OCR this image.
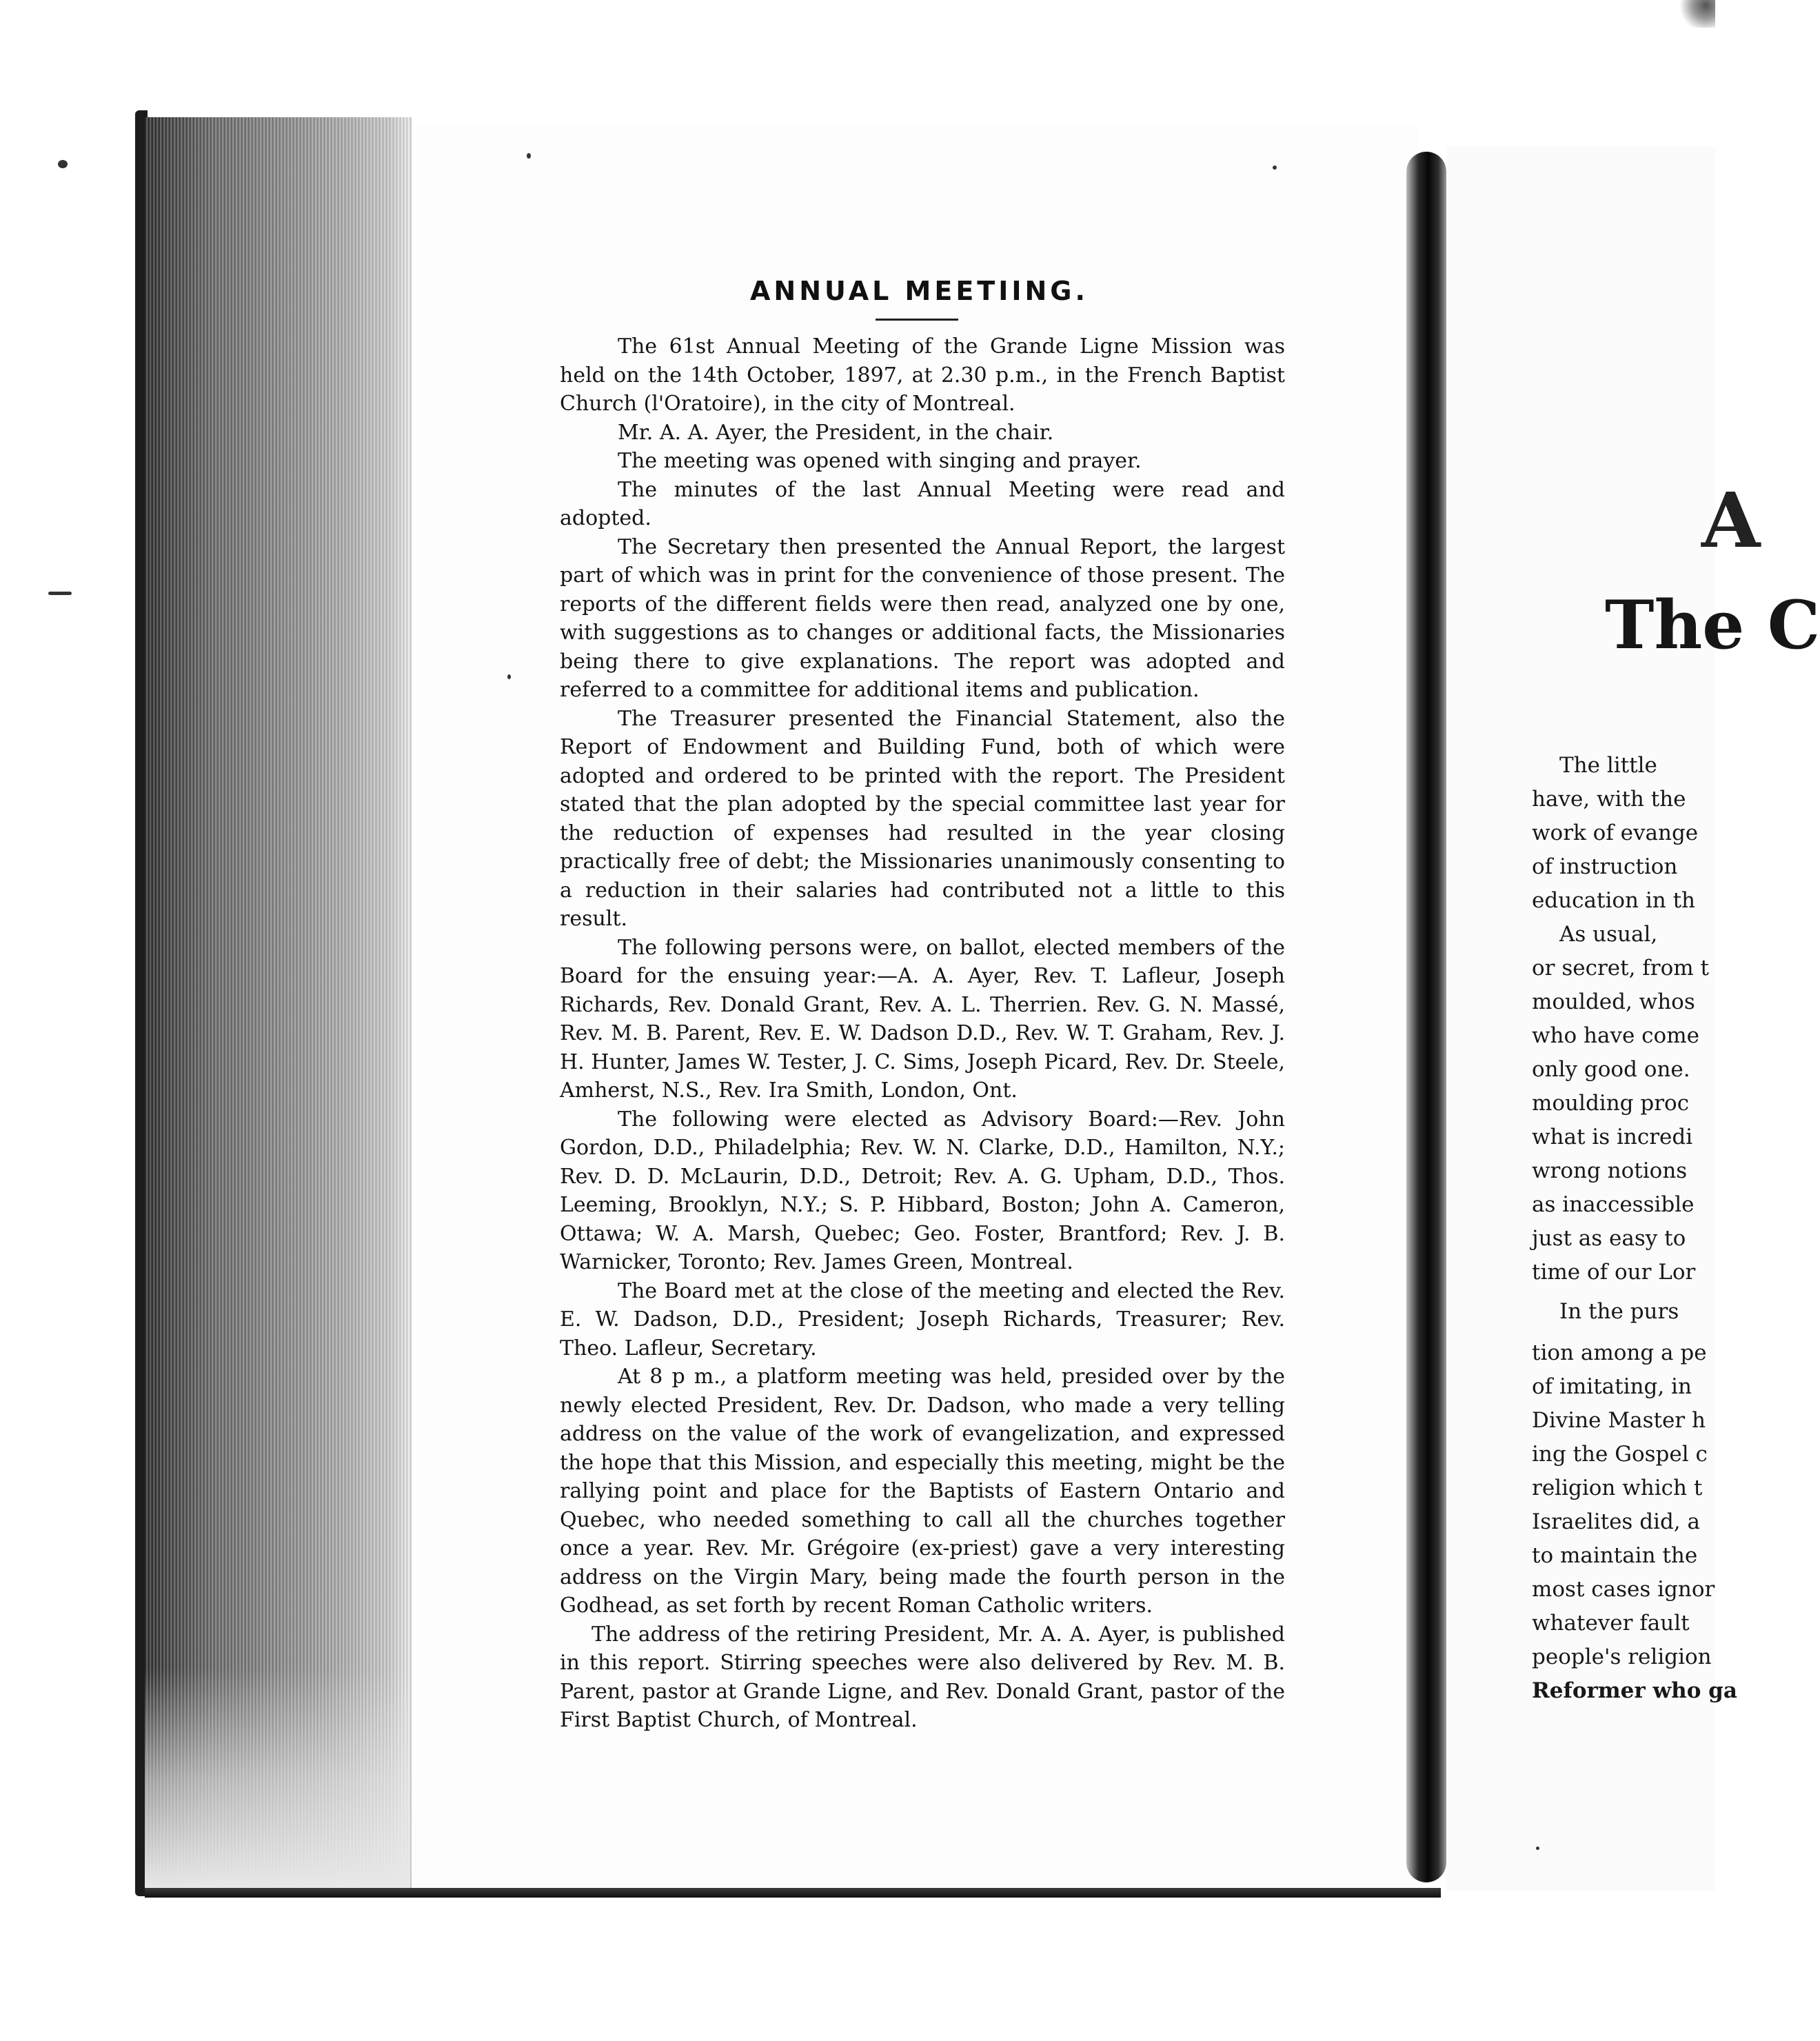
ANNUAL MEETIING.

The 61st Annual Meeting of the Grande Ligne Mission was held on the 14th October, 1897, at 2.30 p.m., in the French Baptist Church (l'Oratoire), in the city of Montreal.

Mr. A. A. Ayer, the President, in the chair.

The meeting was opened with singing and prayer.

The minutes of the last Annual Meeting were read and adopted.

The Secretary then presented the Annual Report, the largest part of which was in print for the convenience of those present. The reports of the different fields were then read, analyzed one by one, with suggestions as to changes or additional facts, the Missionaries being there to give explanations. The report was adopted and referred to a committee for additional items and publication.

The Treasurer presented the Financial Statement, also the Report of Endowment and Building Fund, both of which were adopted and ordered to be printed with the report. The President stated that the plan adopted by the special committee last year for the reduction of expenses had resulted in the year closing practically free of debt; the Missionaries unanimously consenting to a reduction in their salaries had contributed not a little to this result.

The following persons were, on ballot, elected members of the Board for the ensuing year:—A. A. Ayer, Rev. T. Lafleur, Joseph Richards, Rev. Donald Grant, Rev. A. L. Therrien. Rev. G. N. Massé, Rev. M. B. Parent, Rev. E. W. Dadson D.D., Rev. W. T. Graham, Rev. J. H. Hunter, James W. Tester, J. C. Sims, Joseph Picard, Rev. Dr. Steele, Amherst, N.S., Rev. Ira Smith, London, Ont.

The following were elected as Advisory Board:—Rev. John Gordon, D.D., Philadelphia; Rev. W. N. Clarke, D.D., Hamilton, N.Y.; Rev. D. D. McLaurin, D.D., Detroit; Rev. A. G. Upham, D.D., Thos. Leeming, Brooklyn, N.Y.; S. P. Hibbard, Boston; John A. Cameron, Ottawa; W. A. Marsh, Quebec; Geo. Foster, Brantford; Rev. J. B. Warnicker, Toronto; Rev. James Green, Montreal.

The Board met at the close of the meeting and elected the Rev. E. W. Dadson, D.D., President; Joseph Richards, Treasurer; Rev. Theo. Lafleur, Secretary.

At 8 p m., a platform meeting was held, presided over by the newly elected President, Rev. Dr. Dadson, who made a very telling address on the value of the work of evangelization, and expressed the hope that this Mission, and especially this meeting, might be the rallying point and place for the Baptists of Eastern Ontario and Quebec, who needed something to call all the churches together once a year. Rev. Mr. Grégoire (ex-priest) gave a very interesting address on the Virgin Mary, being made the fourth person in the Godhead, as set forth by recent Roman Catholic writers.

The address of the retiring President, Mr. A. A. Ayer, is published in this report. Stirring speeches were also delivered by Rev. M. B. Parent, pastor at Grande Ligne, and Rev. Donald Grant, pastor of the First Baptist Church, of Montreal.

A
The C
The little
have, with the
work of evange
of instruction
education in th
As usual,
or secret, from t
moulded, whos
who have come
only good one.
moulding proc
what is incredi
wrong notions
as inaccessible
just as easy to
time of our Lor
In the purs
tion among a pe
of imitating, in
Divine Master h
ing the Gospel c
religion which t
Israelites did, a
to maintain the
most cases ignor
whatever fault
people's religion
Reformer who ga
